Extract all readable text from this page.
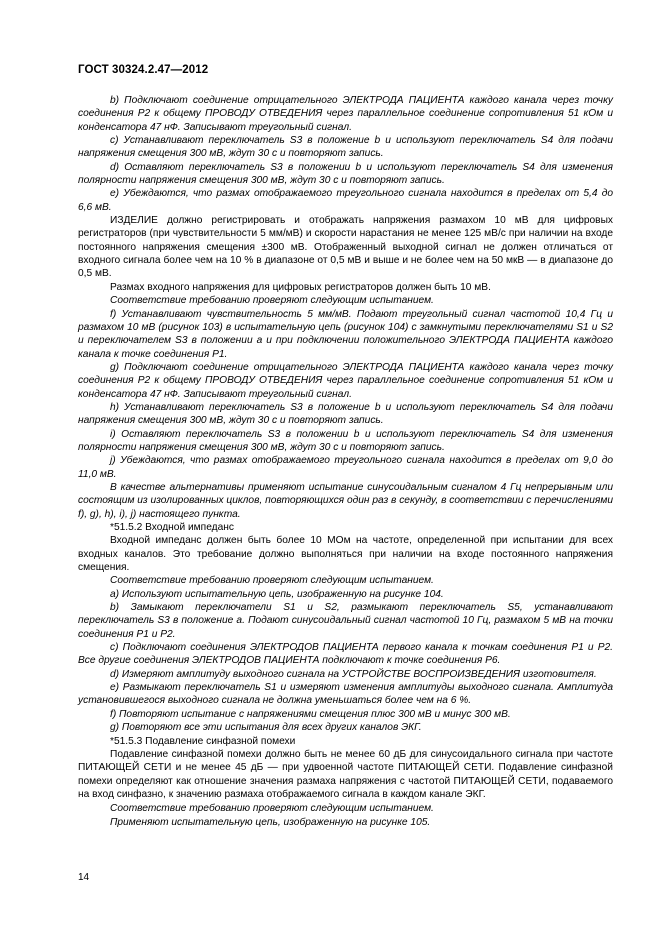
ГОСТ 30324.2.47—2012

b) Подключают соединение отрицательного ЭЛЕКТРОДА ПАЦИЕНТА каждого канала через точку соединения P2 к общему ПРОВОДУ ОТВЕДЕНИЯ через параллельное соединение сопротивления 51 кОм и конденсатора 47 нФ. Записывают треугольный сигнал.

c) Устанавливают переключатель S3 в положение b и используют переключатель S4 для подачи напряжения смещения 300 мВ, ждут 30 с и повторяют запись.

d) Оставляют переключатель S3 в положении b и используют переключатель S4 для изменения полярности напряжения смещения 300 мВ, ждут 30 с и повторяют запись.

e) Убеждаются, что размах отображаемого треугольного сигнала находится в пределах от 5,4 до 6,6 мВ.

ИЗДЕЛИЕ должно регистрировать и отображать напряжения размахом 10 мВ для цифровых регистраторов (при чувствительности 5 мм/мВ) и скорости нарастания не менее 125 мВ/с при наличии на входе постоянного напряжения смещения ±300 мВ. Отображенный выходной сигнал не должен отличаться от входного сигнала более чем на 10 % в диапазоне от 0,5 мВ и выше и не более чем на 50 мкВ — в диапазоне до 0,5 мВ.

Размах входного напряжения для цифровых регистраторов должен быть 10 мВ.

Соответствие требованию проверяют следующим испытанием.

f) Устанавливают чувствительность 5 мм/мВ. Подают треугольный сигнал частотой 10,4 Гц и размахом 10 мВ (рисунок 103) в испытательную цепь (рисунок 104) с замкнутыми переключателями S1 и S2 и переключателем S3 в положении a и при подключении положительного ЭЛЕКТРОДА ПАЦИЕНТА каждого канала к точке соединения P1.

g) Подключают соединение отрицательного ЭЛЕКТРОДА ПАЦИЕНТА каждого канала через точку соединения P2 к общему ПРОВОДУ ОТВЕДЕНИЯ через параллельное соединение сопротивления 51 кОм и конденсатора 47 нФ. Записывают треугольный сигнал.

h) Устанавливают переключатель S3 в положение b и используют переключатель S4 для подачи напряжения смещения 300 мВ, ждут 30 с и повторяют запись.

i) Оставляют переключатель S3 в положении b и используют переключатель S4 для изменения полярности напряжения смещения 300 мВ, ждут 30 с и повторяют запись.

j) Убеждаются, что размах отображаемого треугольного сигнала находится в пределах от 9,0 до 11,0 мВ.

В качестве альтернативы применяют испытание синусоидальным сигналом 4 Гц непрерывным или состоящим из изолированных циклов, повторяющихся один раз в секунду, в соответствии с перечислениями f), g), h), i), j) настоящего пункта.

*51.5.2 Входной импеданс

Входной импеданс должен быть более 10 МОм на частоте, определенной при испытании для всех входных каналов. Это требование должно выполняться при наличии на входе постоянного напряжения смещения.

Соответствие требованию проверяют следующим испытанием.

a) Используют испытательную цепь, изображенную на рисунке 104.

b) Замыкают переключатели S1 и S2, размыкают переключатель S5, устанавливают переключатель S3 в положение a. Подают синусоидальный сигнал частотой 10 Гц, размахом 5 мВ на точки соединения P1 и P2.

c) Подключают соединения ЭЛЕКТРОДОВ ПАЦИЕНТА первого канала к точкам соединения P1 и P2. Все другие соединения ЭЛЕКТРОДОВ ПАЦИЕНТА подключают к точке соединения P6.

d) Измеряют амплитуду выходного сигнала на УСТРОЙСТВЕ ВОСПРОИЗВЕДЕНИЯ изготовителя.

e) Размыкают переключатель S1 и измеряют изменения амплитуды выходного сигнала. Амплитуда установившегося выходного сигнала не должна уменьшаться более чем на 6 %.

f) Повторяют испытание с напряжениями смещения плюс 300 мВ и минус 300 мВ.

g) Повторяют все эти испытания для всех других каналов ЭКГ.

*51.5.3 Подавление синфазной помехи

Подавление синфазной помехи должно быть не менее 60 дБ для синусоидального сигнала при частоте ПИТАЮЩЕЙ СЕТИ и не менее 45 дБ — при удвоенной частоте ПИТАЮЩЕЙ СЕТИ. Подавление синфазной помехи определяют как отношение значения размаха напряжения с частотой ПИТАЮЩЕЙ СЕТИ, подаваемого на вход синфазно, к значению размаха отображаемого сигнала в каждом канале ЭКГ.

Соответствие требованию проверяют следующим испытанием.

Применяют испытательную цепь, изображенную на рисунке 105.

14
